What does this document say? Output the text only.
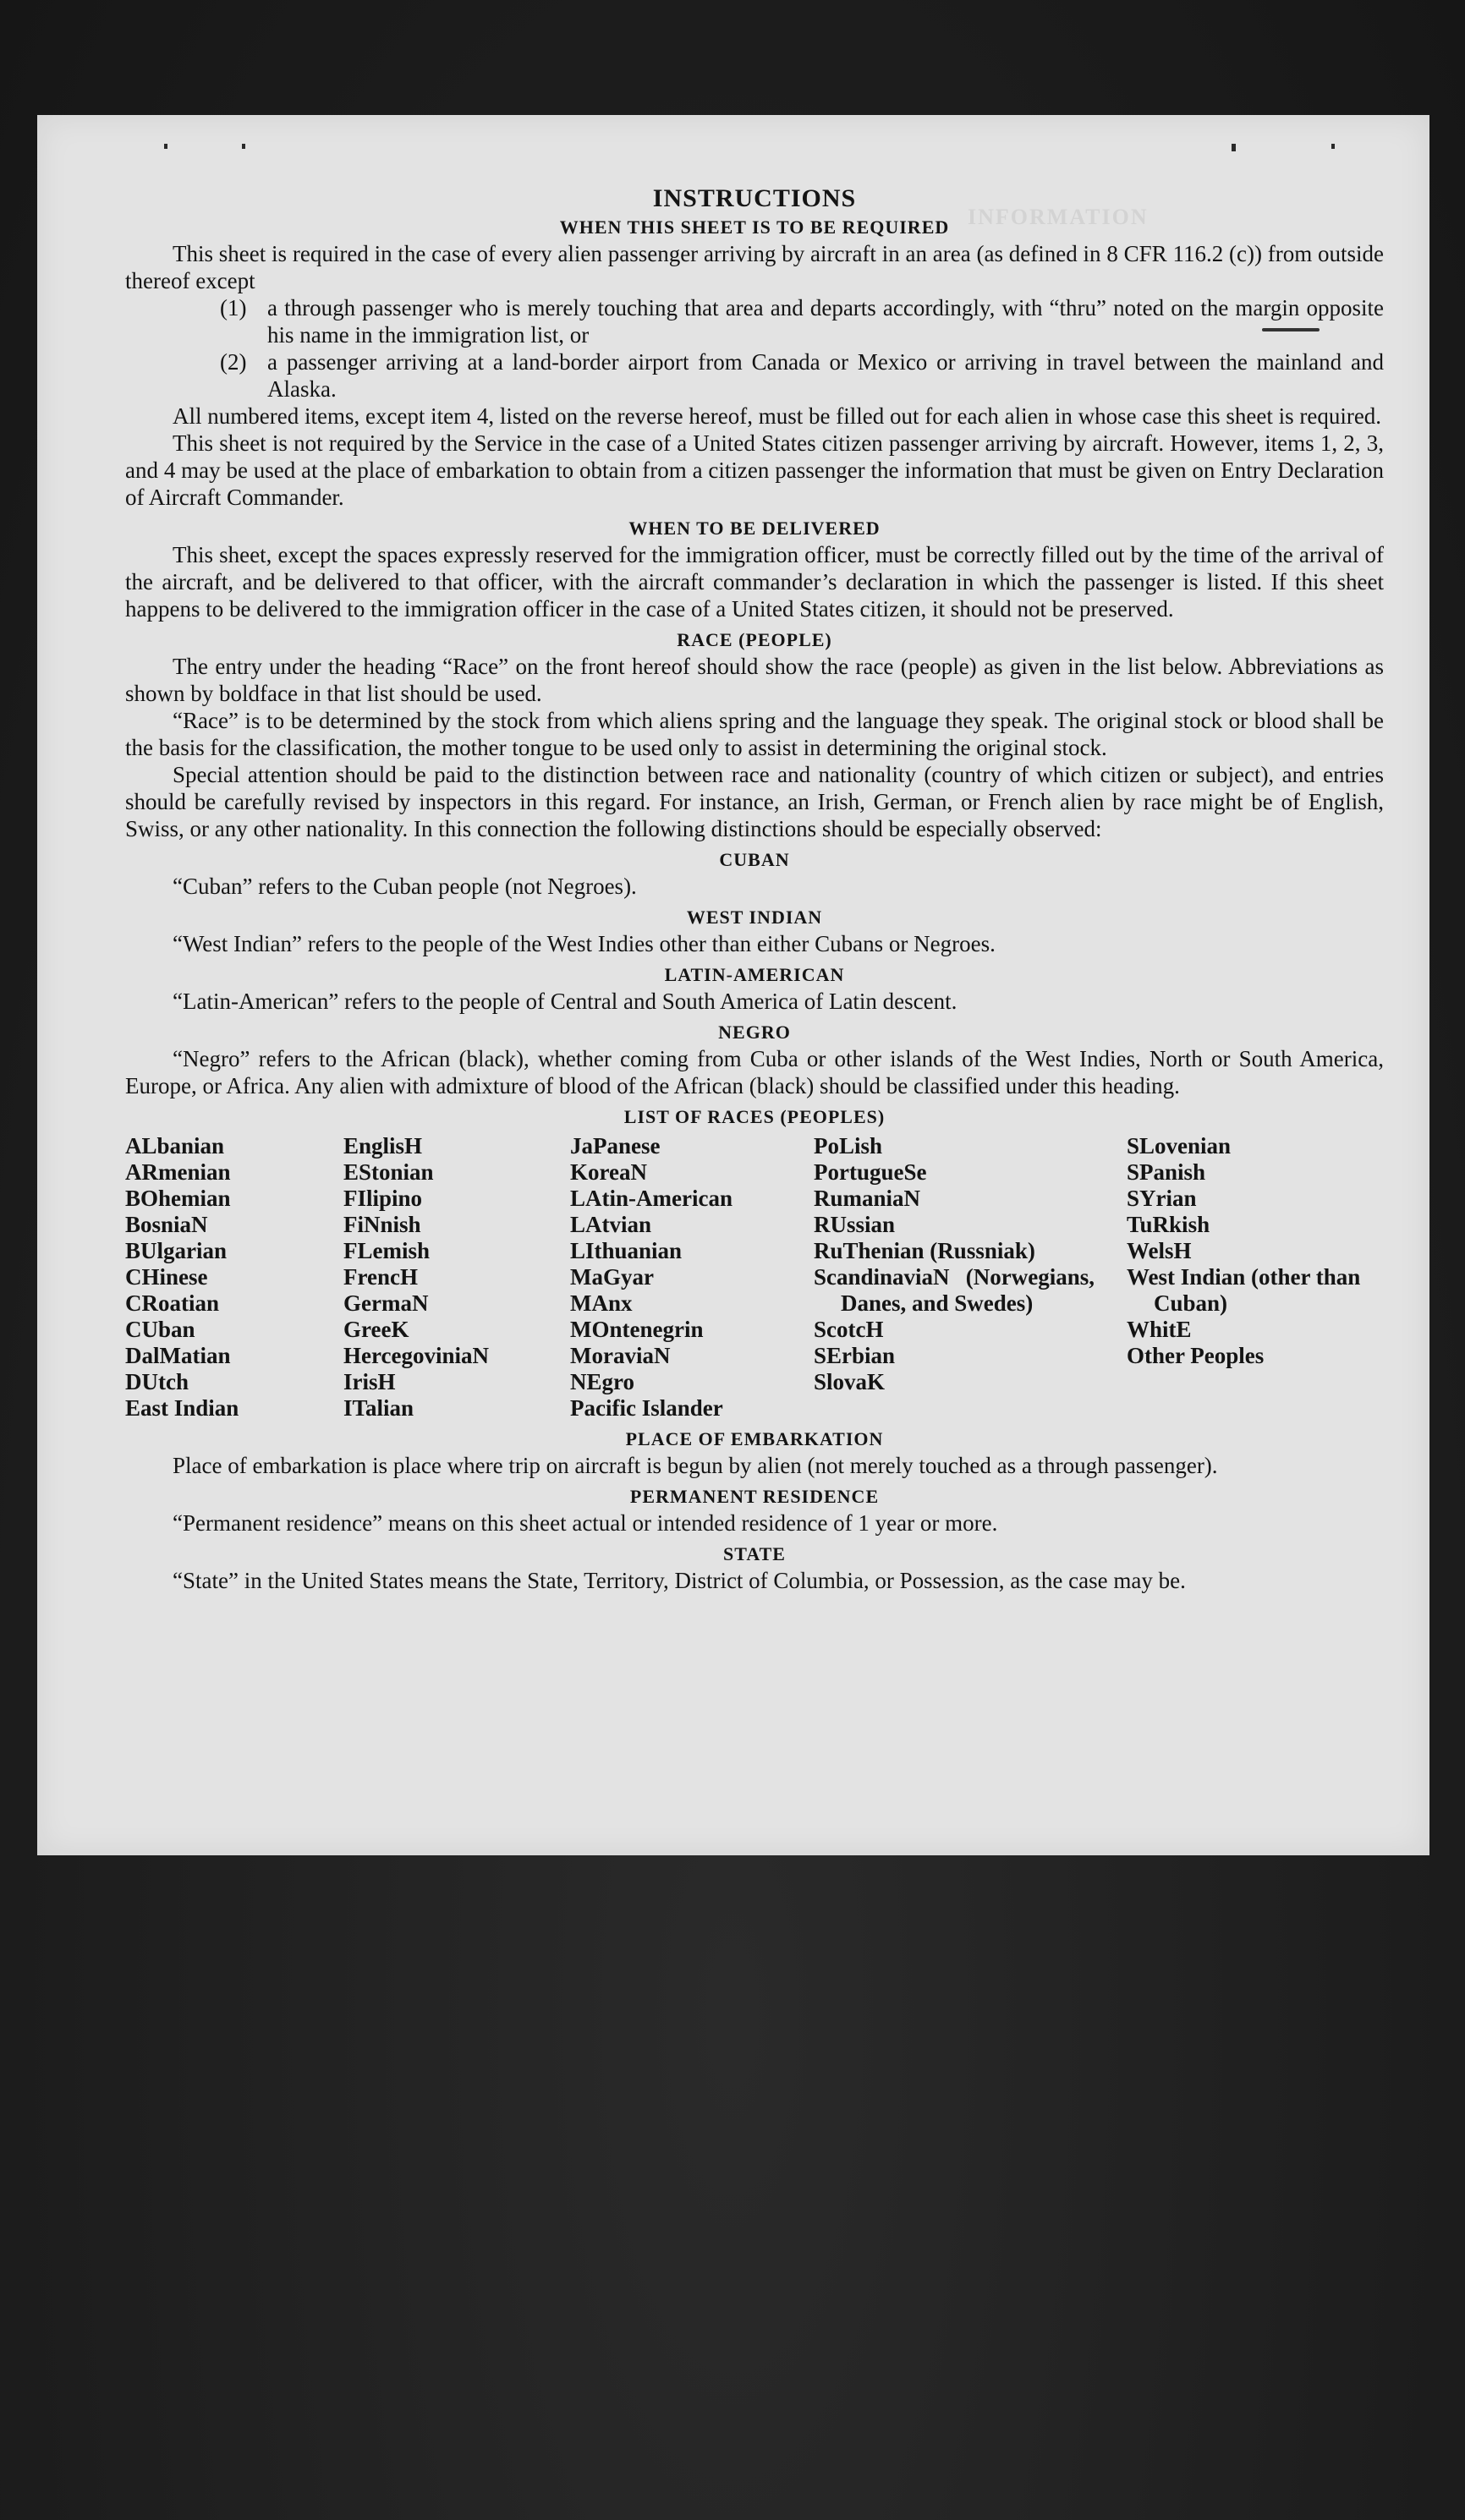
INFORMATION
INSTRUCTIONS
WHEN THIS SHEET IS TO BE REQUIRED

This sheet is required in the case of every alien passenger arriving by aircraft in an area (as defined in 8 CFR 116.2 (c)) from outside thereof except

(1) a through passenger who is merely touching that area and departs accordingly, with “thru” noted on the margin opposite his name in the immigration list, or
(2) a passenger arriving at a land-border airport from Canada or Mexico or arriving in travel between the mainland and Alaska.

All numbered items, except item 4, listed on the reverse hereof, must be filled out for each alien in whose case this sheet is required.

This sheet is not required by the Service in the case of a United States citizen passenger arriving by aircraft. However, items 1, 2, 3, and 4 may be used at the place of embarkation to obtain from a citizen passenger the information that must be given on Entry Declaration of Aircraft Commander.

WHEN TO BE DELIVERED

This sheet, except the spaces expressly reserved for the immigration officer, must be correctly filled out by the time of the arrival of the aircraft, and be delivered to that officer, with the aircraft commander’s declaration in which the passenger is listed. If this sheet happens to be delivered to the immigration officer in the case of a United States citizen, it should not be preserved.

RACE (PEOPLE)

The entry under the heading “Race” on the front hereof should show the race (people) as given in the list below. Abbreviations as shown by boldface in that list should be used.

“Race” is to be determined by the stock from which aliens spring and the language they speak. The original stock or blood shall be the basis for the classification, the mother tongue to be used only to assist in determining the original stock.

Special attention should be paid to the distinction between race and nationality (country of which citizen or subject), and entries should be carefully revised by inspectors in this regard. For instance, an Irish, German, or French alien by race might be of English, Swiss, or any other nationality. In this connection the following distinctions should be especially observed:

CUBAN

“Cuban” refers to the Cuban people (not Negroes).

WEST INDIAN

“West Indian” refers to the people of the West Indies other than either Cubans or Negroes.

LATIN-AMERICAN

“Latin-American” refers to the people of Central and South America of Latin descent.

NEGRO

“Negro” refers to the African (black), whether coming from Cuba or other islands of the West Indies, North or South America, Europe, or Africa. Any alien with admixture of blood of the African (black) should be classified under this heading.

LIST OF RACES (PEOPLES)
ALbanian
ARmenian
BOhemian
BosniaN
BUlgarian
CHinese
CRoatian
CUban
DalMatian
DUtch
East Indian
EnglisH
EStonian
FIlipino
FiNnish
FLemish
FrencH
GermaN
GreeK
HercegoviniaN
IrisH
ITalian
JaPanese
KoreaN
LAtin-American
LAtvian
LIthuanian
MaGyar
MAnx
MOntenegrin
MoraviaN
NEgro
Pacific Islander
PoLish
PortugueSe
RumaniaN
RUssian
RuThenian (Russniak)
ScandinaviaN (Norwegians, Danes, and Swedes)
ScotcH
SErbian
SlovaK
SLovenian
SPanish
SYrian
TuRkish
WelsH
West Indian (other than Cuban)
WhitE
Other Peoples
PLACE OF EMBARKATION

Place of embarkation is place where trip on aircraft is begun by alien (not merely touched as a through passenger).

PERMANENT RESIDENCE

“Permanent residence” means on this sheet actual or intended residence of 1 year or more.

STATE

“State” in the United States means the State, Territory, District of Columbia, or Possession, as the case may be.
